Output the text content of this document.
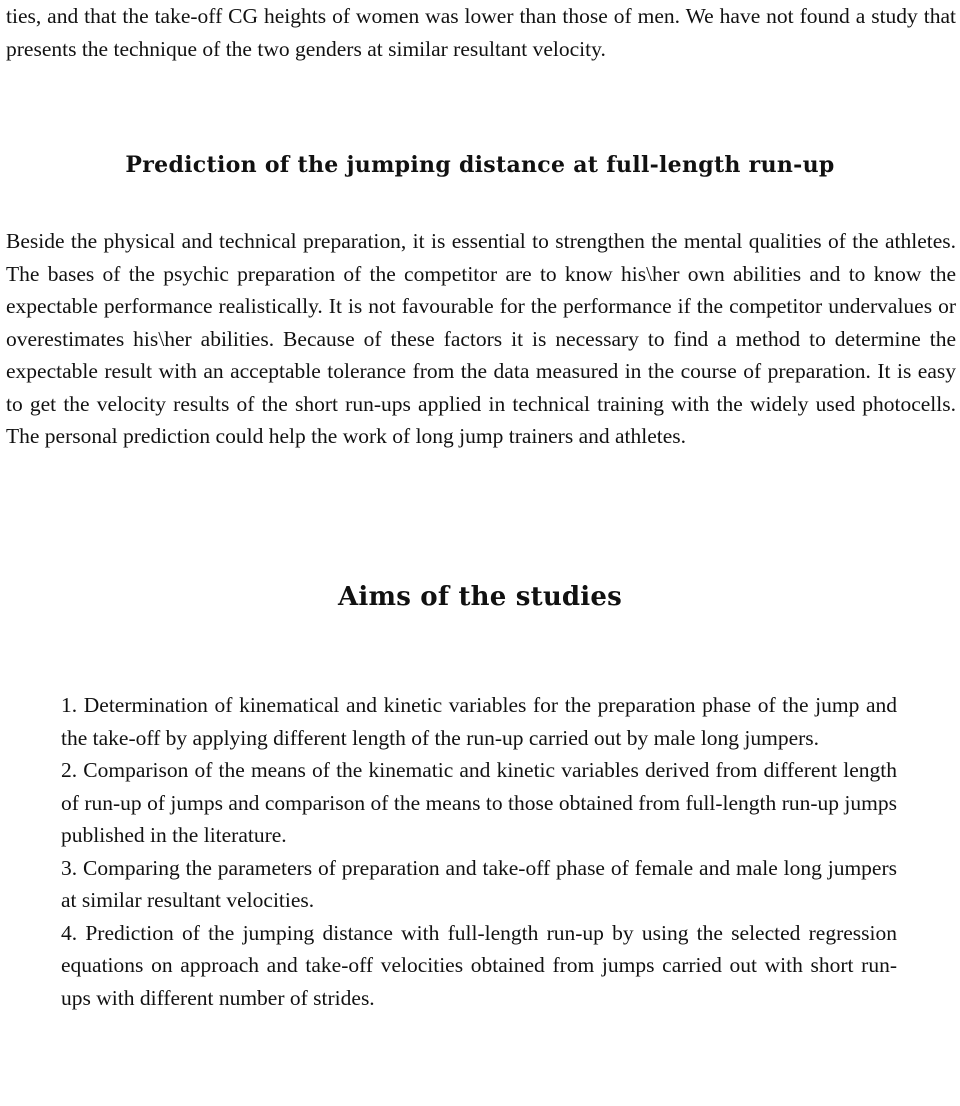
ties, and that the take-off CG heights of women was lower than those of men. We have not found a study that presents the technique of the two genders at similar resultant velocity.

Prediction of the jumping distance at full-length run-up

Beside the physical and technical preparation, it is essential to strengthen the mental qualities of the athletes. The bases of the psychic preparation of the competitor are to know his\her own abilities and to know the expectable performance realistically. It is not favourable for the performance if the competitor undervalues or overestimates his\her abilities. Because of these factors it is necessary to find a method to determine the expectable result with an acceptable tolerance from the data measured in the course of preparation. It is easy to get the velocity results of the short run-ups applied in technical training with the widely used photocells. The personal prediction could help the work of long jump trainers and athletes.

Aims of the studies
1. Determination of kinematical and kinetic variables for the preparation phase of the jump and the take-off by applying different length of the run-up carried out by male long jumpers.
2. Comparison of the means of the kinematic and kinetic variables derived from different length of run-up of jumps and comparison of the means to those obtained from full-length run-up jumps published in the literature.
3. Comparing the parameters of preparation and take-off phase of female and male long jumpers at similar resultant velocities.
4. Prediction of the jumping distance with full-length run-up by using the selected regression equations on approach and take-off velocities obtained from jumps carried out with short run-ups with different number of strides.
